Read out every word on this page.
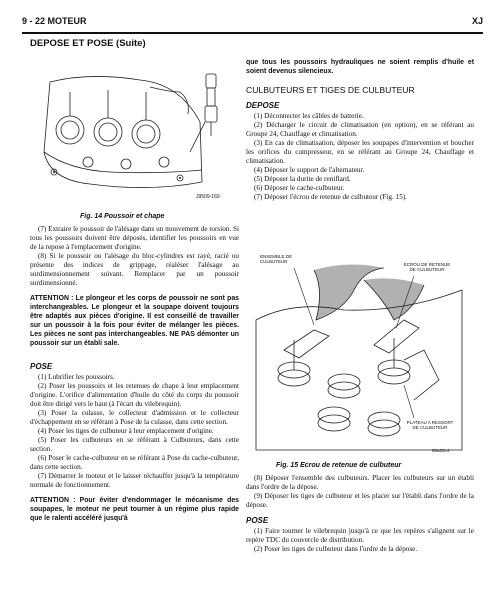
9 - 22 MOTEUR	XJ
DEPOSE ET POSE (Suite)
J9509-169
Fig. 14 Poussoir et chape

(7) Extraire le poussoir de l'alésage dans un mouvement de torsion. Si tous les poussoirs doivent être déposés, identifier les poussoirs en vue de la repose à l'emplacement d'origine.

(8) Si le poussoir ou l'alésage du bloc-cylindres est rayé, racié ou présente des indices de grippage, réaléser l'alésage au surdimensionnement suivant. Remplacer par un poussoir surdimensionné.

ATTENTION : Le plongeur et les corps de poussoir ne sont pas interchangeables. Le plongeur et la soupape doivent toujours être adaptés aux pièces d'origine. Il est conseillé de travailler sur un poussoir à la fois pour éviter de mélanger les pièces. Les pièces ne sont pas interchangeables. NE PAS démonter un poussoir sur un établi sale.

POSE

(1) Lubrifier les poussoirs.

(2) Poser les poussoirs et les retenues de chape à leur emplacement d'origine. L'orifice d'alimentation d'huile du côté du corps du poussoir doit être dirigé vers le haut (à l'écart du vilebrequin).

(3) Poser la culasse, le collecteur d'admission et le collecteur d'échappement en se référant à Pose de la culasse, dans cette section.

(4) Poser les tiges de culbuteur à leur emplacement d'origine.

(5) Poser les culbuteurs en se référant à Culbuteurs, dans cette section.

(6) Poser le cache-culbuteur en se référant à Pose du cache-culbuteur, dans cette section.

(7) Démarrer le moteur et le laisser réchauffer jusqu'à la température normale de fonctionnement.

ATTENTION : Pour éviter d'endommager le mécanisme des soupapes, le moteur ne peut tourner à un régime plus rapide que le ralenti accéléré jusqu'à

que tous les poussoirs hydrauliques ne soient remplis d'huile et soient devenus silencieux.

CULBUTEURS ET TIGES DE CULBUTEUR
DEPOSE

(1) Déconnecter les câbles de batterie.

(2) Décharger le circuit de climatisation (en option), en se référant au Groupe 24, Chauffage et climatisation.

(3) En cas de climatisation, déposer les soupapes d'intervention et boucher les orifices du compresseur, en se référant au Groupe 24, Chauffage et climatisation.

(4) Déposer le support de l'alternateur.

(5) Déposer la durite de reniflard.

(6) Déposer le cache-culbuteur.

(7) Déposer l'écrou de retenue de culbuteur (Fig. 15).

ENSEMBLE DE CULBUTEUR
ECROU DE RETENUE DE CULBUTEUR
PLATEAU A RESSORT DE CULBUTEUR
80a33c4
Fig. 15 Ecrou de retenue de culbuteur

(8) Déposer l'ensemble des culbuteurs. Placer les culbuteurs sur un établi dans l'ordre de la dépose.

(9) Déposer les tiges de culbuteur et les placer sur l'établi dans l'ordre de la dépose.

POSE

(1) Faire tourner le vilebrequin jusqu'à ce que les repères s'alignent sur le repère TDC du couvercle de distribution.

(2) Poser les tiges de culbuteur dans l'ordre de la dépose.
